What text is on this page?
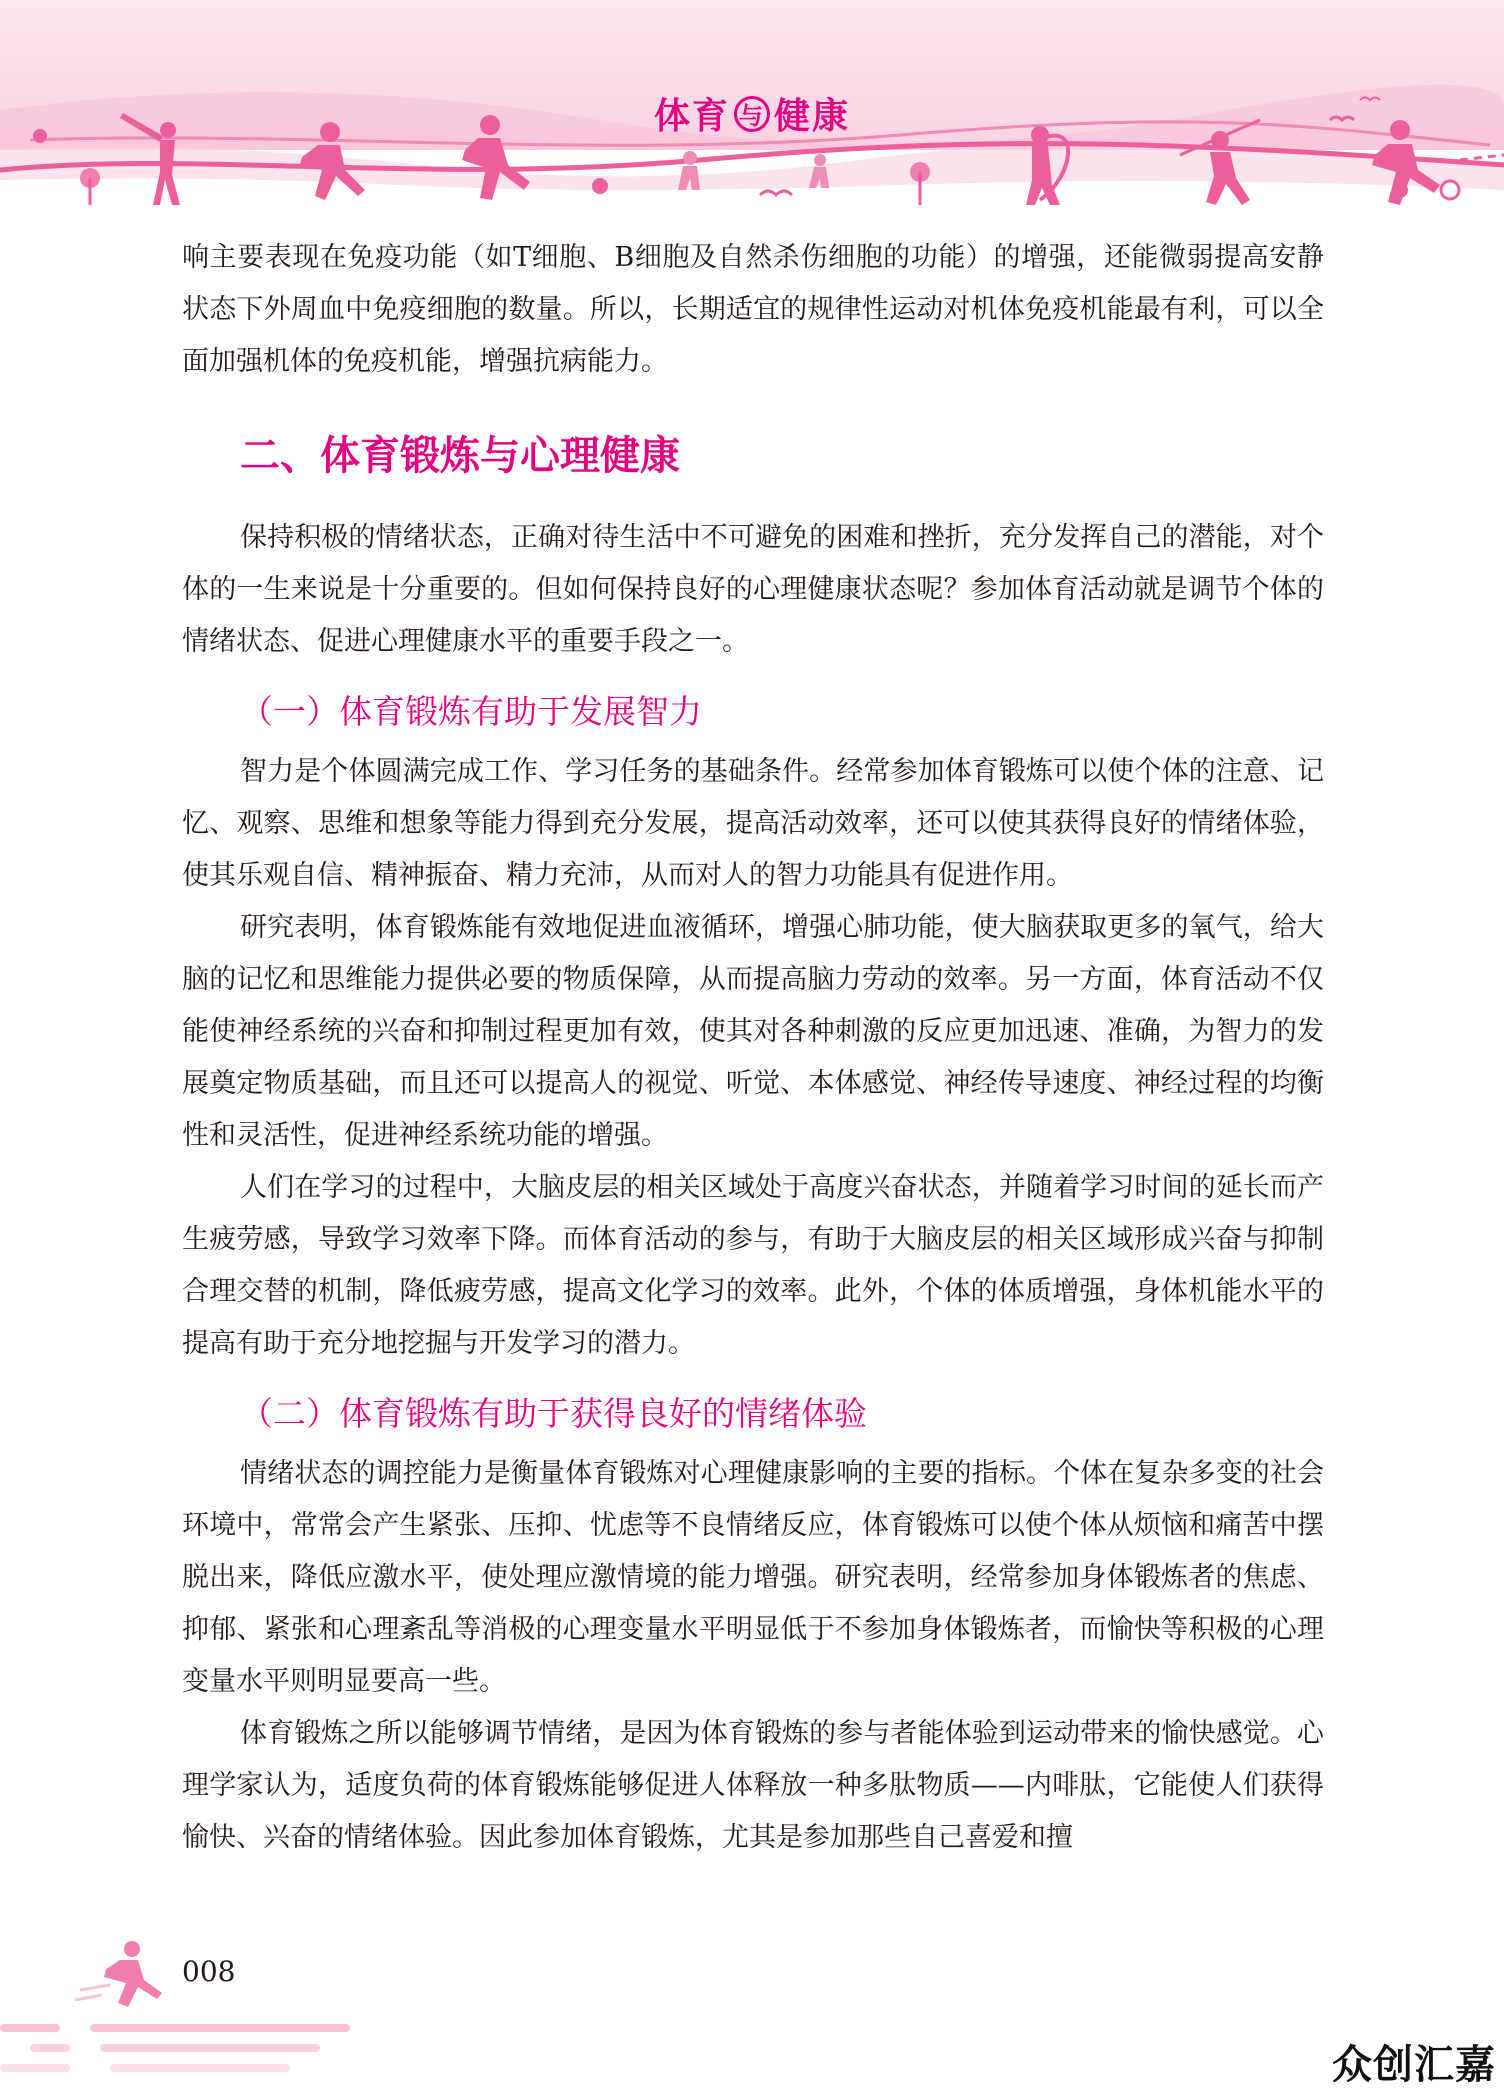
体育 与 健康

响主要表现在免疫功能（如T细胞、B细胞及自然杀伤细胞的功能）的增强，还能微弱提高安静状态下外周血中免疫细胞的数量。所以，长期适宜的规律性运动对机体免疫机能最有利，可以全面加强机体的免疫机能，增强抗病能力。

二、体育锻炼与心理健康

保持积极的情绪状态，正确对待生活中不可避免的困难和挫折，充分发挥自己的潜能，对个体的一生来说是十分重要的。但如何保持良好的心理健康状态呢？参加体育活动就是调节个体的情绪状态、促进心理健康水平的重要手段之一。

（一）体育锻炼有助于发展智力

智力是个体圆满完成工作、学习任务的基础条件。经常参加体育锻炼可以使个体的注意、记忆、观察、思维和想象等能力得到充分发展，提高活动效率，还可以使其获得良好的情绪体验，使其乐观自信、精神振奋、精力充沛，从而对人的智力功能具有促进作用。

研究表明，体育锻炼能有效地促进血液循环，增强心肺功能，使大脑获取更多的氧气，给大脑的记忆和思维能力提供必要的物质保障，从而提高脑力劳动的效率。另一方面，体育活动不仅能使神经系统的兴奋和抑制过程更加有效，使其对各种刺激的反应更加迅速、准确，为智力的发展奠定物质基础，而且还可以提高人的视觉、听觉、本体感觉、神经传导速度、神经过程的均衡性和灵活性，促进神经系统功能的增强。

人们在学习的过程中，大脑皮层的相关区域处于高度兴奋状态，并随着学习时间的延长而产生疲劳感，导致学习效率下降。而体育活动的参与，有助于大脑皮层的相关区域形成兴奋与抑制合理交替的机制，降低疲劳感，提高文化学习的效率。此外，个体的体质增强，身体机能水平的提高有助于充分地挖掘与开发学习的潜力。

（二）体育锻炼有助于获得良好的情绪体验

情绪状态的调控能力是衡量体育锻炼对心理健康影响的主要的指标。个体在复杂多变的社会环境中，常常会产生紧张、压抑、忧虑等不良情绪反应，体育锻炼可以使个体从烦恼和痛苦中摆脱出来，降低应激水平，使处理应激情境的能力增强。研究表明，经常参加身体锻炼者的焦虑、抑郁、紧张和心理紊乱等消极的心理变量水平明显低于不参加身体锻炼者，而愉快等积极的心理变量水平则明显要高一些。

体育锻炼之所以能够调节情绪，是因为体育锻炼的参与者能体验到运动带来的愉快感觉。心理学家认为，适度负荷的体育锻炼能够促进人体释放一种多肽物质——内啡肽，它能使人们获得愉快、兴奋的情绪体验。因此参加体育锻炼，尤其是参加那些自己喜爱和擅

008
众创汇嘉
